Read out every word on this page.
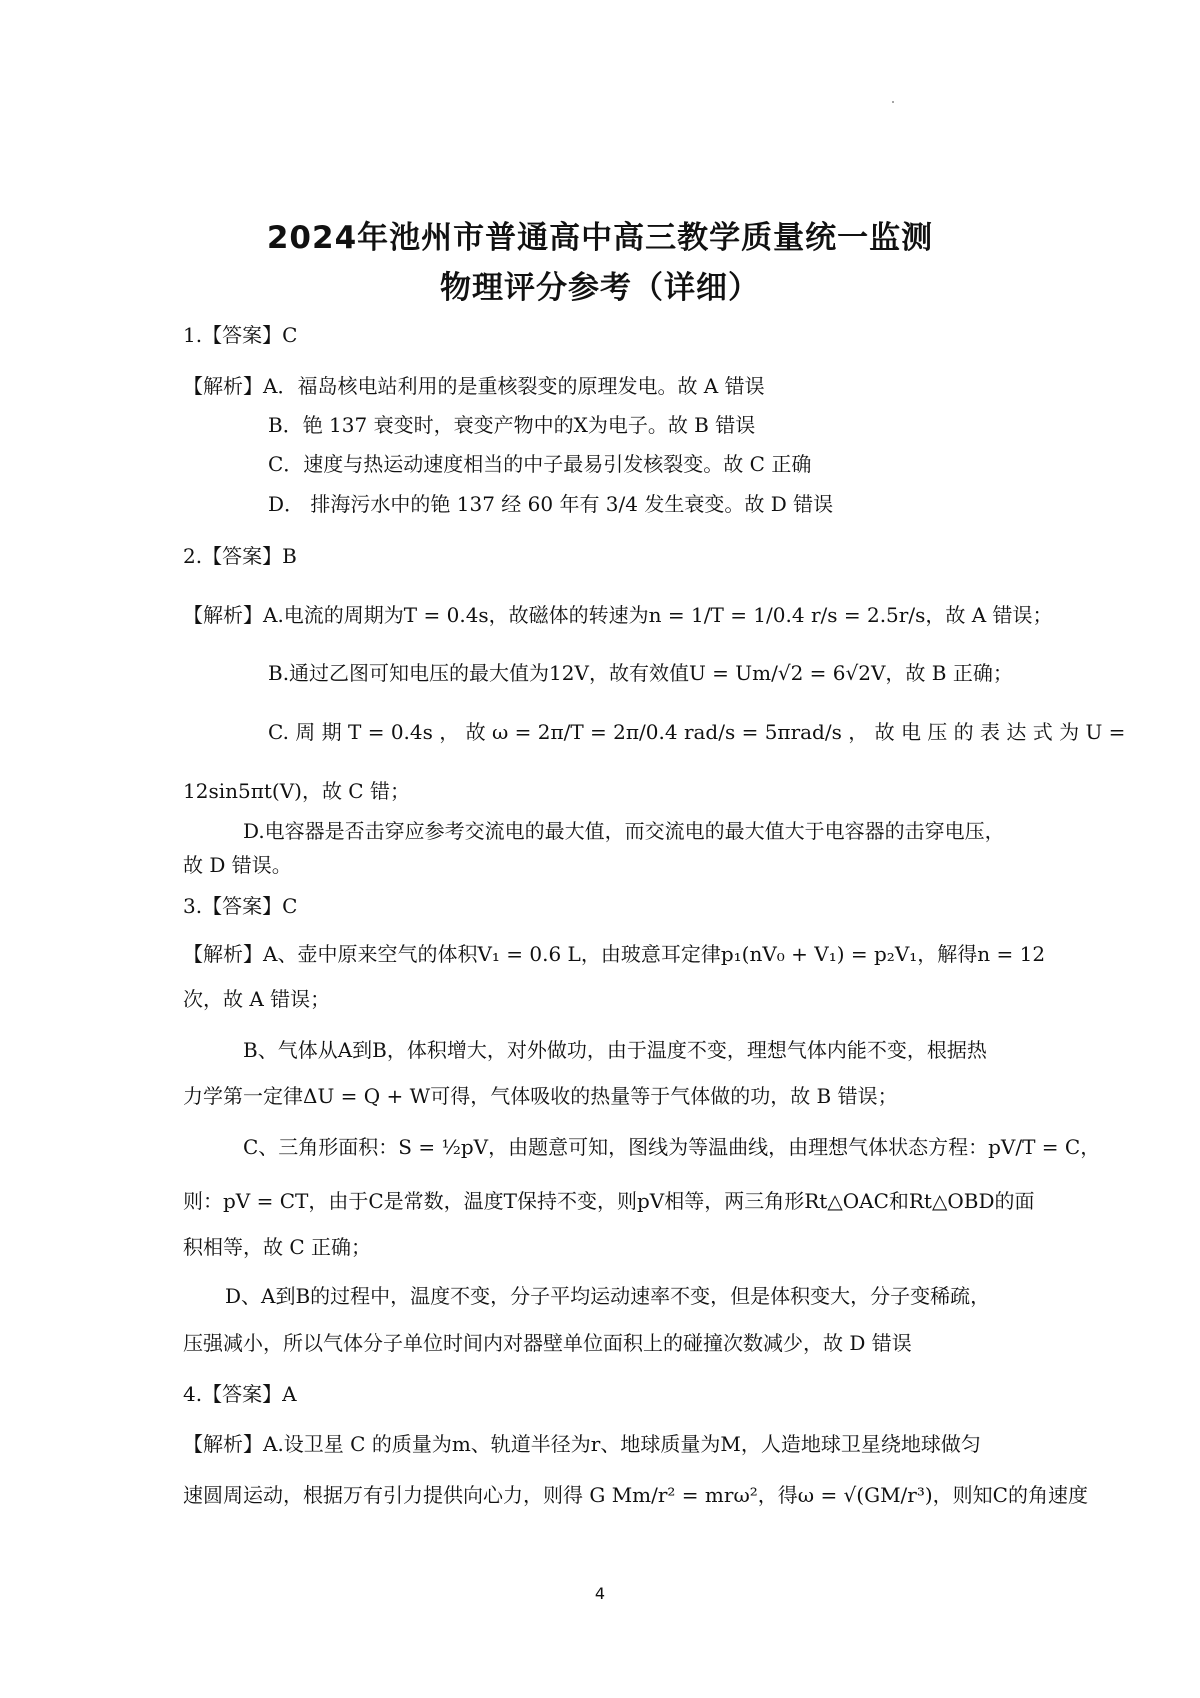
2024年池州市普通高中高三教学质量统一监测
物理评分参考（详细）
1.【答案】C
【解析】A．福岛核电站利用的是重核裂变的原理发电。故 A 错误
B．铯 137 衰变时，衰变产物中的X为电子。故 B 错误
C．速度与热运动速度相当的中子最易引发核裂变。故 C 正确
D． 排海污水中的铯 137 经 60 年有 3/4 发生衰变。故 D 错误
2.【答案】B
【解析】A.电流的周期为T = 0.4s，故磁体的转速为n = 1/T = 1/0.4 r/s = 2.5r/s，故 A 错误；
B.通过乙图可知电压的最大值为12V，故有效值U = Um/√2 = 6√2V，故 B 正确；
C. 周 期 T = 0.4s ， 故 ω = 2π/T = 2π/0.4 rad/s = 5πrad/s ， 故 电 压 的 表 达 式 为 U =
12sin5πt(V)，故 C 错；
D.电容器是否击穿应参考交流电的最大值，而交流电的最大值大于电容器的击穿电压，
故 D 错误。
3.【答案】C
【解析】A、壶中原来空气的体积V₁ = 0.6 L，由玻意耳定律p₁(nV₀ + V₁) = p₂V₁，解得n = 12
次，故 A 错误；
B、气体从A到B，体积增大，对外做功，由于温度不变，理想气体内能不变，根据热
力学第一定律ΔU = Q + W可得，气体吸收的热量等于气体做的功，故 B 错误；
C、三角形面积：S = ½pV，由题意可知，图线为等温曲线，由理想气体状态方程：pV/T = C，
则：pV = CT，由于C是常数，温度T保持不变，则pV相等，两三角形Rt△OAC和Rt△OBD的面
积相等，故 C 正确；
D、A到B的过程中，温度不变，分子平均运动速率不变，但是体积变大，分子变稀疏，
压强减小，所以气体分子单位时间内对器壁单位面积上的碰撞次数减少，故 D 错误
4.【答案】A
【解析】A.设卫星 C 的质量为m、轨道半径为r、地球质量为M，人造地球卫星绕地球做匀
速圆周运动，根据万有引力提供向心力，则得 G Mm/r² = mrω²，得ω = √(GM/r³)，则知C的角速度
4
